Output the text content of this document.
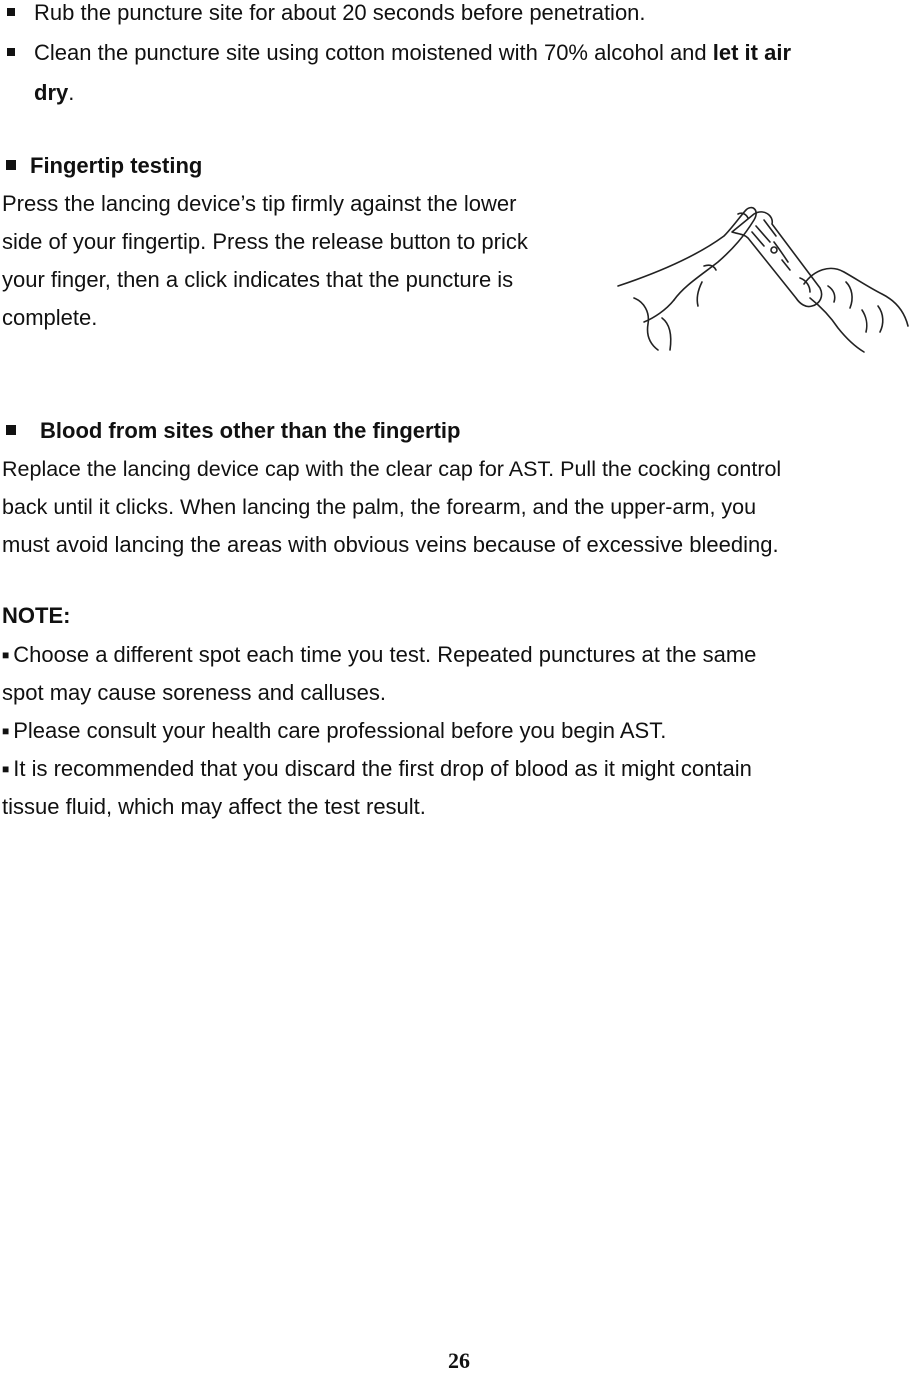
Rub the puncture site for about 20 seconds before penetration.
Clean the puncture site using cotton moistened with 70% alcohol and let it air
dry.
Fingertip testing
Press the lancing device’s tip firmly against the lower
side of your fingertip. Press the release button to prick
your finger, then a click indicates that the puncture is
complete.
Blood from sites other than the fingertip
Replace the lancing device cap with the clear cap for AST. Pull the cocking control
back until it clicks. When lancing the palm, the forearm, and the upper-arm, you
must avoid lancing the areas with obvious veins because of excessive bleeding.
NOTE:
■ Choose a different spot each time you test. Repeated punctures at the same
spot may cause soreness and calluses.
■ Please consult your health care professional before you begin AST.
■ It is recommended that you discard the first drop of blood as it might contain
tissue fluid, which may affect the test result.
26
